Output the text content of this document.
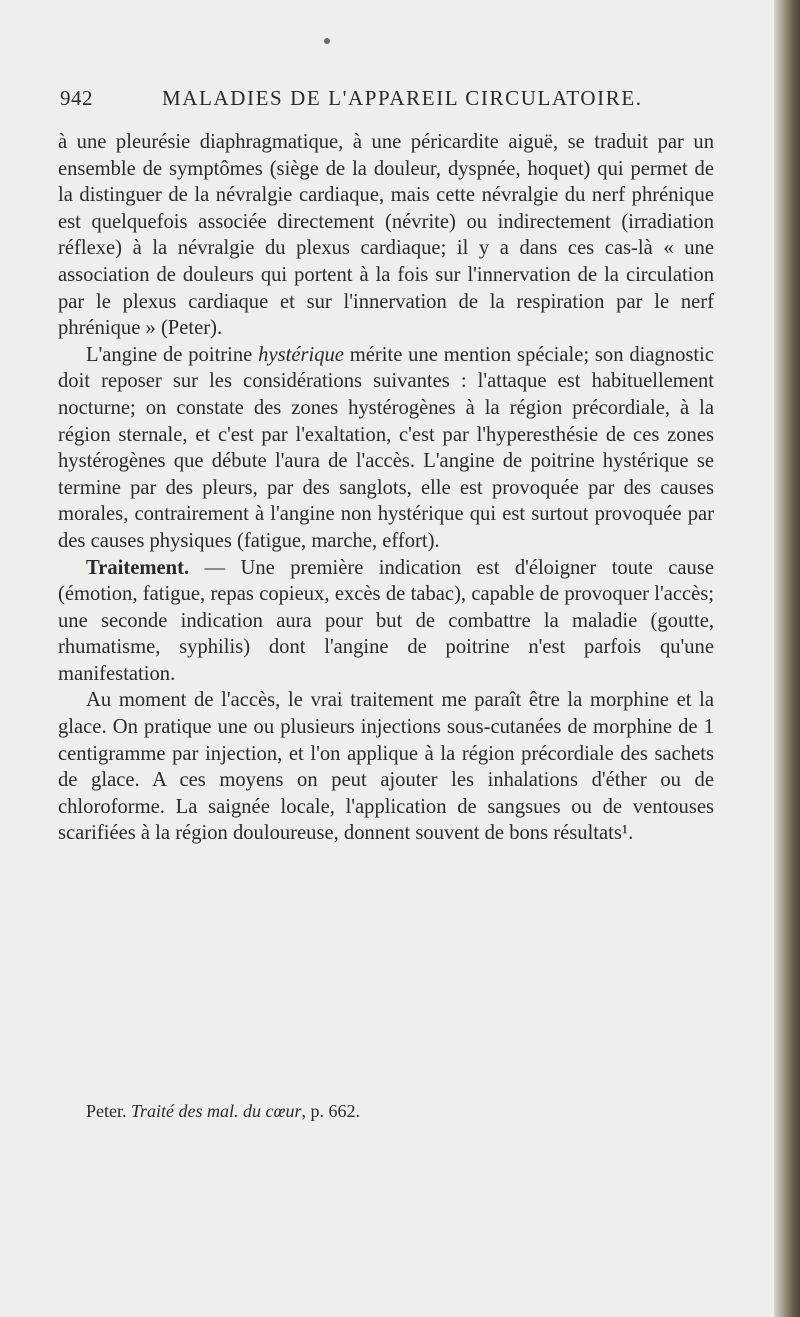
942	MALADIES DE L'APPAREIL CIRCULATOIRE.

à une pleurésie diaphragmatique, à une péricardite aiguë, se traduit par un ensemble de symptômes (siège de la douleur, dyspnée, hoquet) qui permet de la distinguer de la névralgie cardiaque, mais cette névralgie du nerf phrénique est quelquefois associée directement (névrite) ou indirectement (irradiation réflexe) à la névralgie du plexus cardiaque; il y a dans ces cas-là « une association de douleurs qui portent à la fois sur l'innervation de la circulation par le plexus cardiaque et sur l'innervation de la respiration par le nerf phrénique » (Peter).

L'angine de poitrine hystérique mérite une mention spéciale; son diagnostic doit reposer sur les considérations suivantes : l'attaque est habituellement nocturne; on constate des zones hystérogènes à la région précordiale, à la région sternale, et c'est par l'exaltation, c'est par l'hyperesthésie de ces zones hystérogènes que débute l'aura de l'accès. L'angine de poitrine hystérique se termine par des pleurs, par des sanglots, elle est provoquée par des causes morales, contrairement à l'angine non hystérique qui est surtout provoquée par des causes physiques (fatigue, marche, effort).

Traitement. — Une première indication est d'éloigner toute cause (émotion, fatigue, repas copieux, excès de tabac), capable de provoquer l'accès; une seconde indication aura pour but de combattre la maladie (goutte, rhumatisme, syphilis) dont l'angine de poitrine n'est parfois qu'une manifestation.

Au moment de l'accès, le vrai traitement me paraît être la morphine et la glace. On pratique une ou plusieurs injections sous-cutanées de morphine de 1 centigramme par injection, et l'on applique à la région précordiale des sachets de glace. A ces moyens on peut ajouter les inhalations d'éther ou de chloroforme. La saignée locale, l'application de sangsues ou de ventouses scarifiées à la région douloureuse, donnent souvent de bons résultats¹.

Peter. Traité des mal. du cœur, p. 662.
